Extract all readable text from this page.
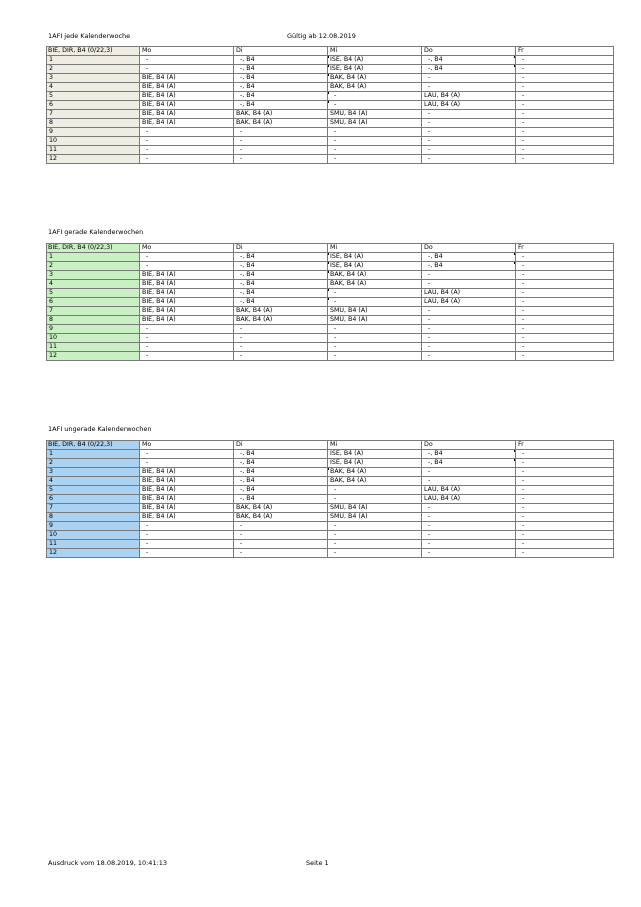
1AFI jede Kalenderwoche	Gültig ab 12.08.2019
BIE, DIR, B4 (0/22,3)	Mo	Di	Mi	Do	Fr
1	-	-, B4	ISE, B4 (A)	-, B4	-
2	-	-, B4	ISE, B4 (A)	-, B4	-
3	BIE, B4 (A)	-, B4	BAK, B4 (A)	-	-
4	BIE, B4 (A)	-, B4	BAK, B4 (A)	-	-
5	BIE, B4 (A)	-, B4	-	LAU, B4 (A)	-
6	BIE, B4 (A)	-, B4	-	LAU, B4 (A)	-
7	BIE, B4 (A)	BAK, B4 (A)	SMU, B4 (A)	-	-
8	BIE, B4 (A)	BAK, B4 (A)	SMU, B4 (A)	-	-
9	-	-	-	-	-
10	-	-	-	-	-
11	-	-	-	-	-
12	-	-	-	-	-
1AFI gerade Kalenderwochen
BIE, DIR, B4 (0/22,3)	Mo	Di	Mi	Do	Fr
1	-	-, B4	ISE, B4 (A)	-, B4	-
2	-	-, B4	ISE, B4 (A)	-, B4	-
3	BIE, B4 (A)	-, B4	BAK, B4 (A)	-	-
4	BIE, B4 (A)	-, B4	BAK, B4 (A)	-	-
5	BIE, B4 (A)	-, B4	-	LAU, B4 (A)	-
6	BIE, B4 (A)	-, B4	-	LAU, B4 (A)	-
7	BIE, B4 (A)	BAK, B4 (A)	SMU, B4 (A)	-	-
8	BIE, B4 (A)	BAK, B4 (A)	SMU, B4 (A)	-	-
9	-	-	-	-	-
10	-	-	-	-	-
11	-	-	-	-	-
12	-	-	-	-	-
1AFI ungerade Kalenderwochen
BIE, DIR, B4 (0/22,3)	Mo	Di	Mi	Do	Fr
1	-	-, B4	ISE, B4 (A)	-, B4	-
2	-	-, B4	ISE, B4 (A)	-, B4	-
3	BIE, B4 (A)	-, B4	BAK, B4 (A)	-	-
4	BIE, B4 (A)	-, B4	BAK, B4 (A)	-	-
5	BIE, B4 (A)	-, B4	-	LAU, B4 (A)	-
6	BIE, B4 (A)	-, B4	-	LAU, B4 (A)	-
7	BIE, B4 (A)	BAK, B4 (A)	SMU, B4 (A)	-	-
8	BIE, B4 (A)	BAK, B4 (A)	SMU, B4 (A)	-	-
9	-	-	-	-	-
10	-	-	-	-	-
11	-	-	-	-	-
12	-	-	-	-	-
Ausdruck vom 18.08.2019, 10:41:13	Seite 1
